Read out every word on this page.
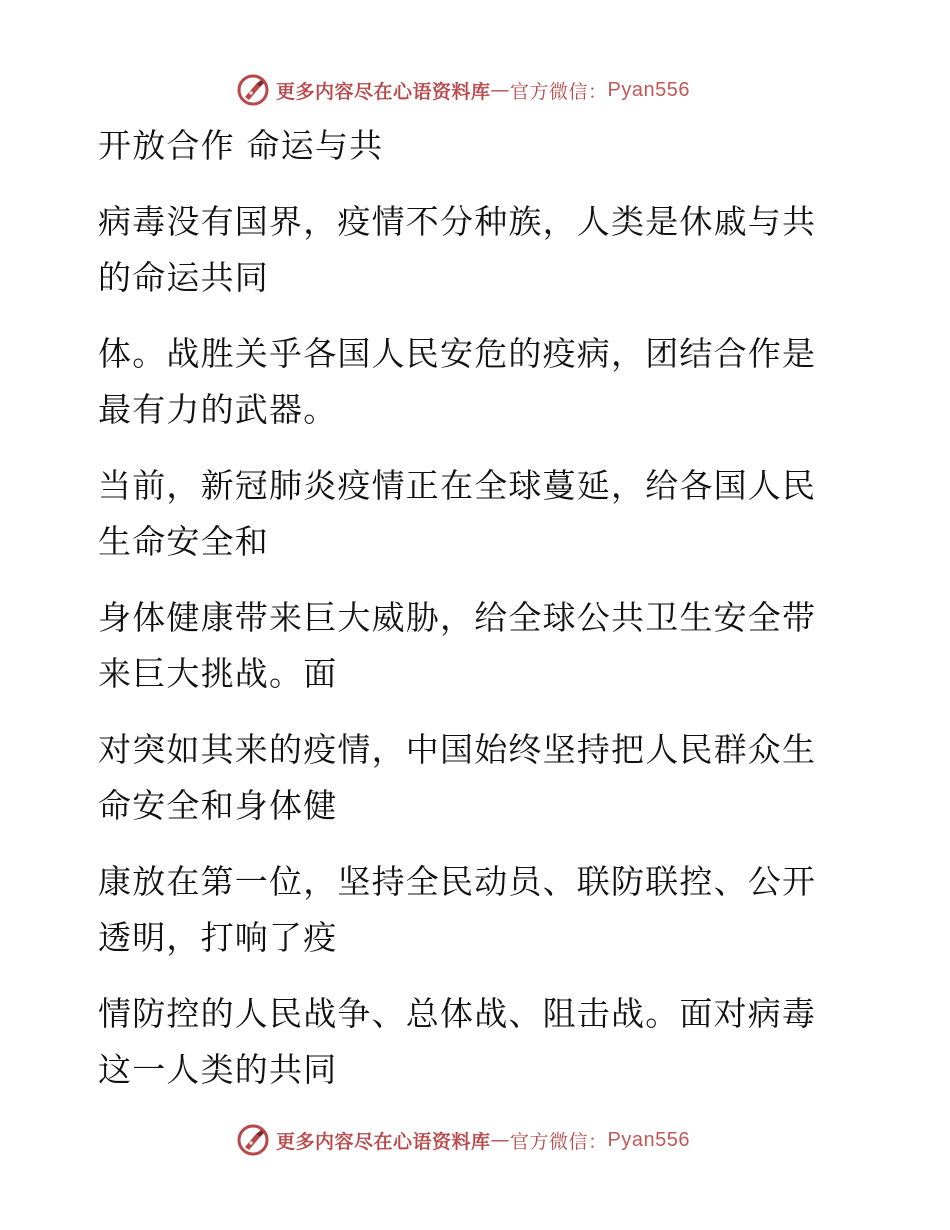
更多内容尽在心语资料库 — 官方微信： Pyan556
开放合作 命运与共
病毒没有国界，疫情不分种族，人类是休戚与共
的命运共同
体。战胜关乎各国人民安危的疫病，团结合作是
最有力的武器。
当前，新冠肺炎疫情正在全球蔓延，给各国人民
生命安全和
身体健康带来巨大威胁，给全球公共卫生安全带
来巨大挑战。面
对突如其来的疫情，中国始终坚持把人民群众生
命安全和身体健
康放在第一位，坚持全民动员、联防联控、公开
透明，打响了疫
情防控的人民战争、总体战、阻击战。面对病毒
这一人类的共同
更多内容尽在心语资料库 — 官方微信： Pyan556
